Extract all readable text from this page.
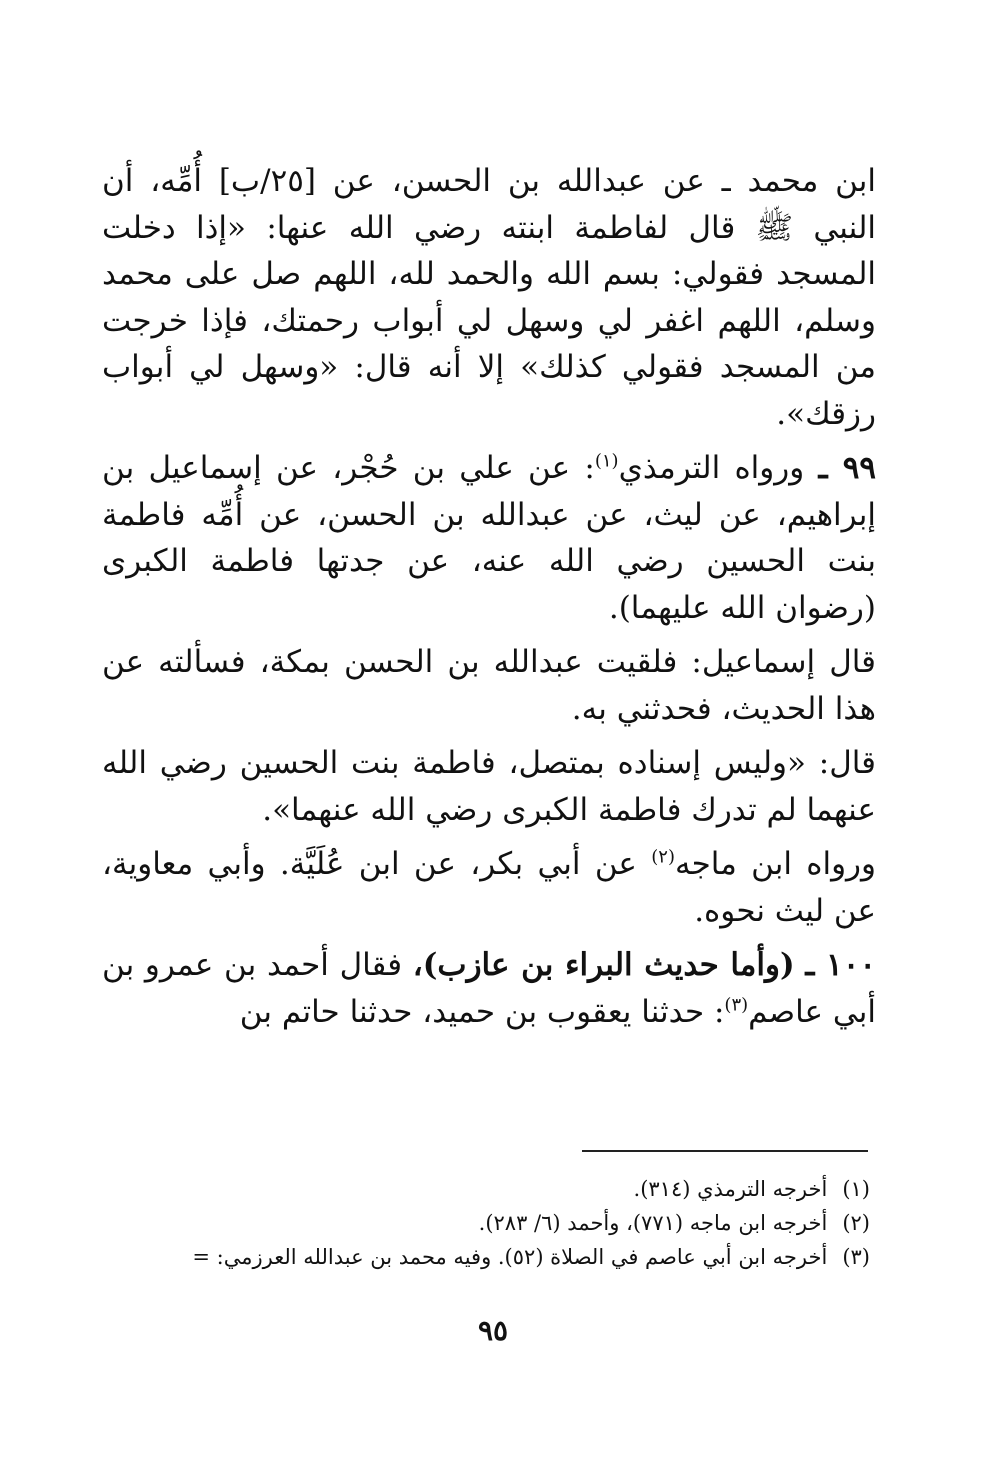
ابن محمد ـ عن عبدالله بن الحسن، عن [٢٥/ب] أُمِّه، أن النبي ﷺ قال لفاطمة ابنته رضي الله عنها: «إذا دخلت المسجد فقولي: بسم الله والحمد لله، اللهم صل على محمد وسلم، اللهم اغفر لي وسهل لي أبواب رحمتك، فإذا خرجت من المسجد فقولي كذلك» إلا أنه قال: «وسهل لي أبواب رزقك».

٩٩ ـ ورواه الترمذي$^{(١)}$: عن علي بن حُجْر، عن إسماعيل بن إبراهيم، عن ليث، عن عبدالله بن الحسن، عن أُمِّه فاطمة بنت الحسين رضي الله عنه، عن جدتها فاطمة الكبرى (رضوان الله عليهما).

قال إسماعيل: فلقيت عبدالله بن الحسن بمكة، فسألته عن هذا الحديث، فحدثني به.

قال: «وليس إسناده بمتصل، فاطمة بنت الحسين رضي الله عنهما لم تدرك فاطمة الكبرى رضي الله عنهما».

ورواه ابن ماجه$^{(٢)}$ عن أبي بكر، عن ابن عُلَيَّة. وأبي معاوية، عن ليث نحوه.

١٠٠ ـ (وأما حديث البراء بن عازب)، فقال أحمد بن عمرو بن أبي عاصم$^{(٣)}$: حدثنا يعقوب بن حميد، حدثنا حاتم بن

(١) أخرجه الترمذي (٣١٤).

(٢) أخرجه ابن ماجه (٧٧١)، وأحمد (٦/ ٢٨٣).

(٣) أخرجه ابن أبي عاصم في الصلاة (٥٢). وفيه محمد بن عبدالله العرزمي: =

٩٥
